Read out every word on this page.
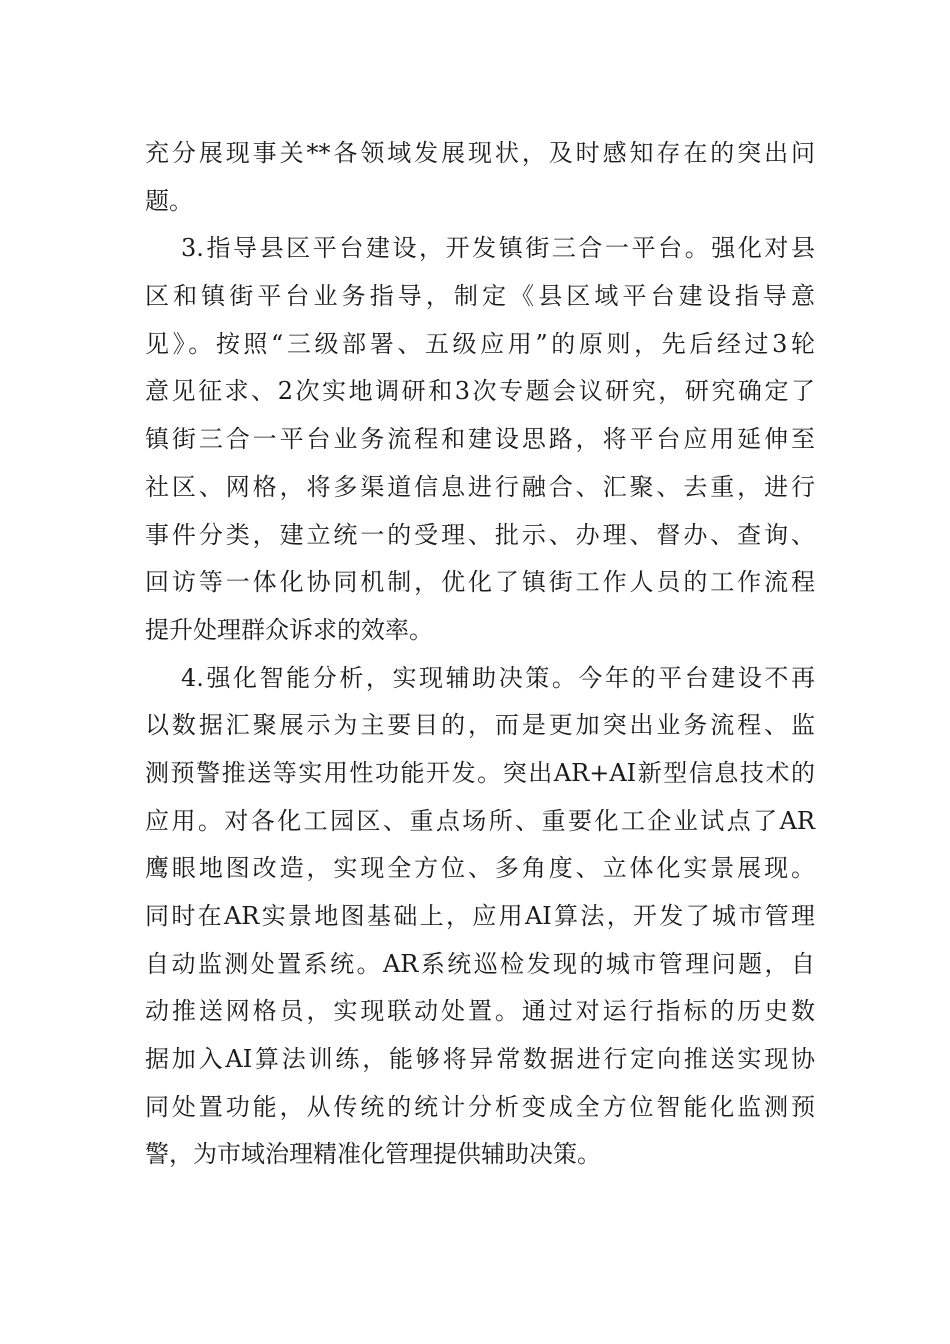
充分展现事关**各领域发展现状，及时感知存在的突出问
题。
3.指导县区平台建设，开发镇街三合一平台。强化对县
区和镇街平台业务指导，制定《县区域平台建设指导意
见》。按照“三级部署、五级应用”的原则，先后经过3轮
意见征求、2次实地调研和3次专题会议研究，研究确定了
镇街三合一平台业务流程和建设思路，将平台应用延伸至
社区、网格，将多渠道信息进行融合、汇聚、去重，进行
事件分类，建立统一的受理、批示、办理、督办、查询、
回访等一体化协同机制，优化了镇街工作人员的工作流程
提升处理群众诉求的效率。
4.强化智能分析，实现辅助决策。今年的平台建设不再
以数据汇聚展示为主要目的，而是更加突出业务流程、监
测预警推送等实用性功能开发。突出AR+AI新型信息技术的
应用。对各化工园区、重点场所、重要化工企业试点了AR
鹰眼地图改造，实现全方位、多角度、立体化实景展现。
同时在AR实景地图基础上，应用AI算法，开发了城市管理
自动监测处置系统。AR系统巡检发现的城市管理问题，自
动推送网格员，实现联动处置。通过对运行指标的历史数
据加入AI算法训练，能够将异常数据进行定向推送实现协
同处置功能，从传统的统计分析变成全方位智能化监测预
警，为市域治理精准化管理提供辅助决策。
